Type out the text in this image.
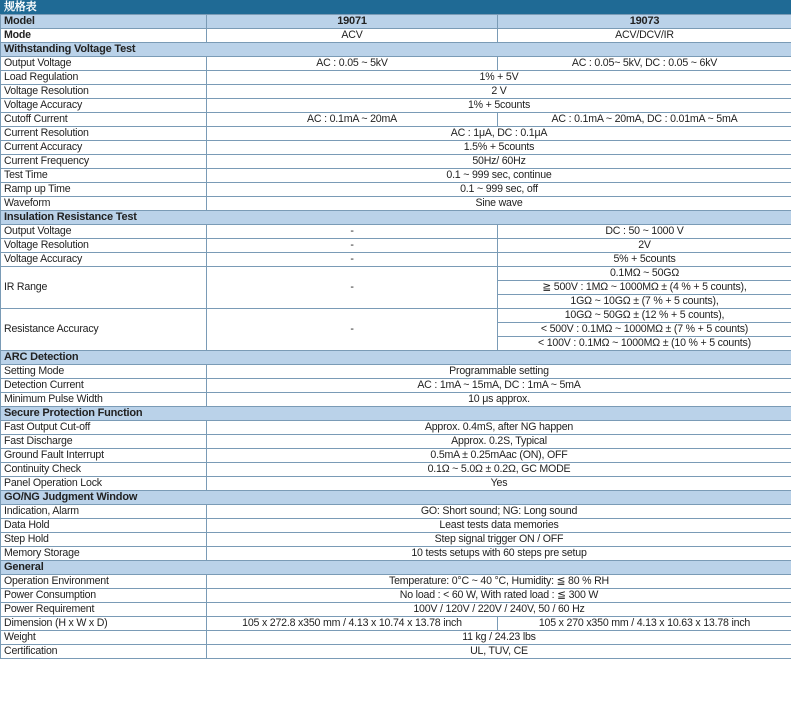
规格表
Model	19071	19073
Mode	ACV	ACV/DCV/IR
Withstanding Voltage Test		
Output Voltage	AC : 0.05 ~ 5kV	AC : 0.05~ 5kV, DC : 0.05 ~ 6kV
Load Regulation	1% + 5V	
Voltage Resolution	2 V	
Voltage Accuracy	1% + 5counts	
Cutoff Current	AC : 0.1mA ~ 20mA	AC : 0.1mA ~ 20mA, DC : 0.01mA ~ 5mA
Current Resolution	AC : 1μA, DC : 0.1μA	
Current Accuracy	1.5% + 5counts	
Current Frequency	50Hz/ 60Hz	
Test Time	0.1 ~ 999 sec, continue	
Ramp up Time	0.1 ~ 999 sec, off	
Waveform	Sine wave	
Insulation Resistance Test		
Output Voltage	-	DC : 50 ~ 1000 V
Voltage Resolution	-	2V
Voltage Accuracy	-	5% + 5counts
IR Range	-	0.1MΩ ~ 50GΩ
		≧ 500V : 1MΩ ~ 1000MΩ ± (4 % + 5 counts),
		1GΩ ~ 10GΩ ± (7 % + 5 counts),
Resistance Accuracy	-	10GΩ ~ 50GΩ ± (12 % + 5 counts),
		< 500V : 0.1MΩ ~ 1000MΩ ± (7 % + 5 counts)
		< 100V : 0.1MΩ ~ 1000MΩ ± (10 % + 5 counts)
ARC Detection		
Setting Mode	Programmable setting	
Detection Current	AC : 1mA ~ 15mA, DC : 1mA ~ 5mA	
Minimum Pulse Width	10 μs approx.	
Secure Protection Function		
Fast Output Cut-off	Approx. 0.4mS, after NG happen	
Fast Discharge	Approx. 0.2S, Typical	
Ground Fault Interrupt	0.5mA ± 0.25mAac (ON), OFF	
Continuity Check	0.1Ω ~ 5.0Ω ± 0.2Ω, GC MODE	
Panel Operation Lock	Yes	
GO/NG Judgment Window		
Indication, Alarm	GO: Short sound; NG: Long sound	
Data Hold	Least tests data memories	
Step Hold	Step signal trigger ON / OFF	
Memory Storage	10 tests setups with 60 steps pre setup	
General		
Operation Environment	Temperature: 0°C ~ 40 °C, Humidity: ≦ 80 % RH	
Power Consumption	No load : < 60 W, With rated load : ≦ 300 W	
Power Requirement	100V / 120V / 220V / 240V, 50 / 60 Hz	
Dimension (H x W x D)	105 x 272.8 x350 mm / 4.13 x 10.74 x 13.78 inch	105 x 270 x350 mm / 4.13 x 10.63 x 13.78 inch
Weight	11 kg / 24.23 lbs	
Certification	UL, TUV, CE	
